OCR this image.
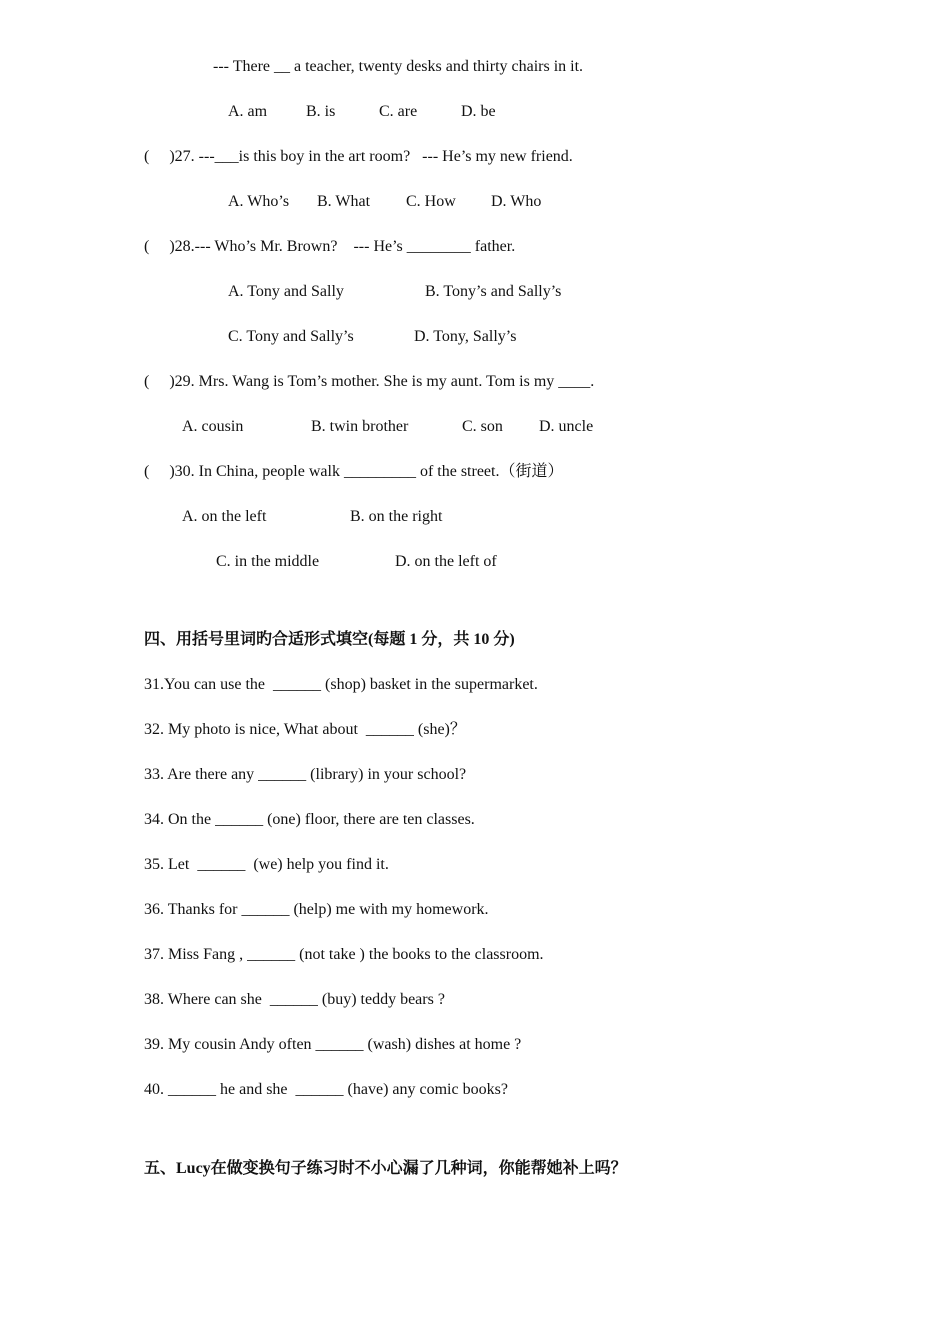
--- There __ a teacher, twenty desks and thirty chairs in it.
A. am B. is	C. are	D. be
(     )27. ---___is this boy in the art room?   --- He’s my new friend.
A. Who’s B. What C. How D. Who
(     )28.--- Who’s Mr. Brown?    --- He’s ________ father.
A. Tony and Sally	B. Tony’s and Sally’s
C. Tony and Sally’s	D. Tony, Sally’s
(     )29. Mrs. Wang is Tom’s mother. She is my aunt. Tom is my ____.
A. cousin	B. twin brother	C. son D. uncle
(     )30. In China, people walk _________ of the street.（街道）
A. on the left	B. on the right
C. in the middle	D. on the left of
四、用括号里词旳合适形式填空(每题 1 分，共 10 分)
31.You can use the  ______ (shop) basket in the supermarket.
32. My photo is nice, What about  ______ (she)？
33. Are there any ______ (library) in your school?
34. On the ______ (one) floor, there are ten classes.
35. Let  ______  (we) help you find it.
36. Thanks for ______ (help) me with my homework.
37. Miss Fang , ______ (not take ) the books to the classroom.
38. Where can she  ______ (buy) teddy bears ?
39. My cousin Andy often ______ (wash) dishes at home ?
40. ______ he and she  ______ (have) any comic books?
五、Lucy在做变换句子练习时不小心漏了几种词，你能帮她补上吗？
